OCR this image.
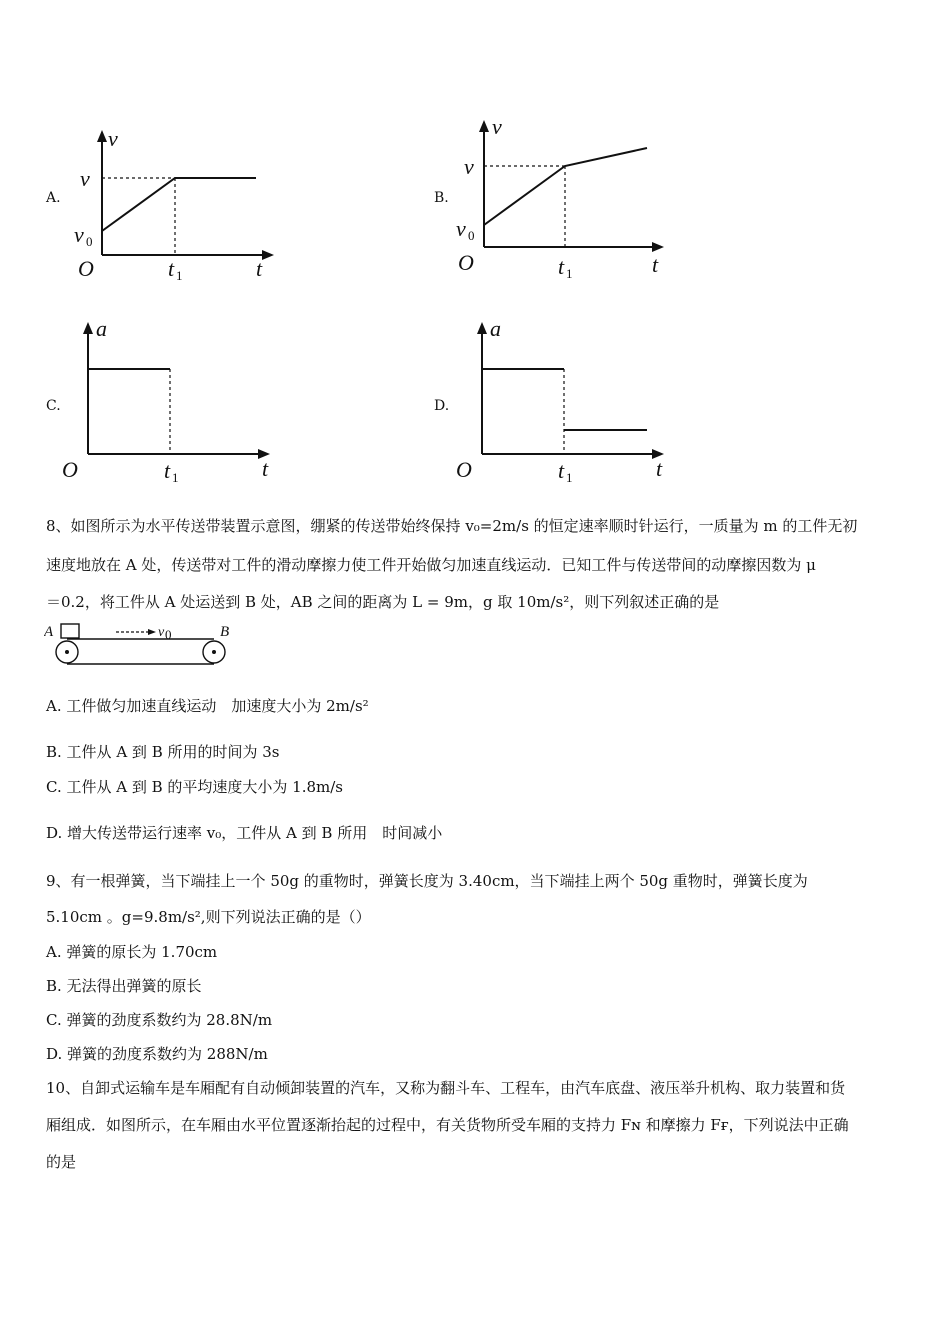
A.	B.
C.	D.
v
v
v 0
O	t 1	t
v
v
v 0
O	t 1	t
a
O	t 1	t
a
O	t 1	t
8、如图所示为水平传送带装置示意图，绷紧的传送带始终保持 v₀=2m/s 的恒定速率顺时针运行，一质量为 m 的工件无初
速度地放在 A 处，传送带对工件的滑动摩擦力使工件开始做匀加速直线运动．已知工件与传送带间的动摩擦因数为 μ
＝0.2，将工件从 A 处运送到 B 处，AB 之间的距离为 L = 9m，g 取 10m/s²，则下列叙述正确的是
A	v 0	B
A. 工件做匀加速直线运动　加速度大小为 2m/s²
B. 工件从 A 到 B 所用的时间为 3s
C. 工件从 A 到 B 的平均速度大小为 1.8m/s
D. 增大传送带运行速率 v₀，工件从 A 到 B 所用　时间减小
9、有一根弹簧，当下端挂上一个 50g 的重物时，弹簧长度为 3.40cm，当下端挂上两个 50g 重物时，弹簧长度为
5.10cm 。g=9.8m/s²,则下列说法正确的是（）
A. 弹簧的原长为 1.70cm
B. 无法得出弹簧的原长
C. 弹簧的劲度系数约为 28.8N/m
D. 弹簧的劲度系数约为 288N/m
10、自卸式运输车是车厢配有自动倾卸装置的汽车，又称为翻斗车、工程车，由汽车底盘、液压举升机构、取力装置和货
厢组成．如图所示，在车厢由水平位置逐渐抬起的过程中，有关货物所受车厢的支持力 Fɴ 和摩擦力 Fғ，下列说法中正确
的是
